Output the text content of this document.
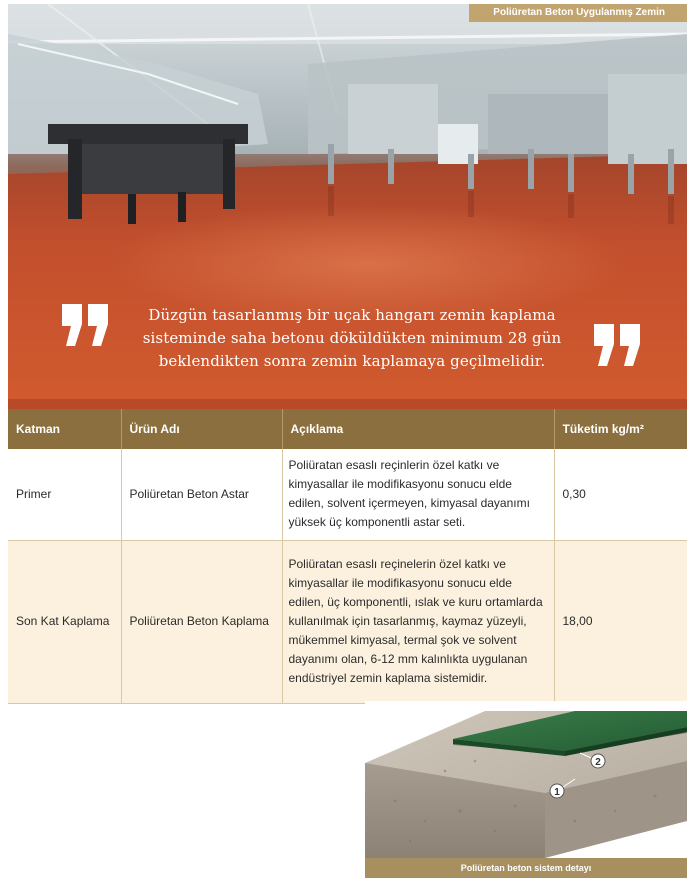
Poliüretan Beton Uygulanmış Zemin
Düzgün tasarlanmış bir uçak hangarı zemin kaplama sisteminde saha betonu döküldükten minimum 28 gün beklendikten sonra zemin kaplamaya geçilmelidir.
Katman	Ürün Adı	Açıklama	Tüketim kg/m²
Primer	Poliüretan Beton Astar	Poliüratan esaslı reçinlerin özel katkı ve kimyasallar ile modifikasyonu sonucu elde edilen, solvent içermeyen, kimyasal dayanımı yüksek üç komponentli astar seti.	0,30
Son Kat Kaplama	Poliüretan Beton Kaplama	Poliüratan esaslı reçinelerin özel katkı ve kimyasallar ile modifikasyonu sonucu elde edilen, üç komponentli, ıslak ve kuru ortamlarda kullanılmak için tasarlanmış, kaymaz yüzeyli, mükemmel kimyasal, termal şok ve solvent dayanımı olan, 6-12 mm kalınlıkta uygulanan endüstriyel zemin kaplama sistemidir.	18,00
1
2
Poliüretan beton sistem detayı
